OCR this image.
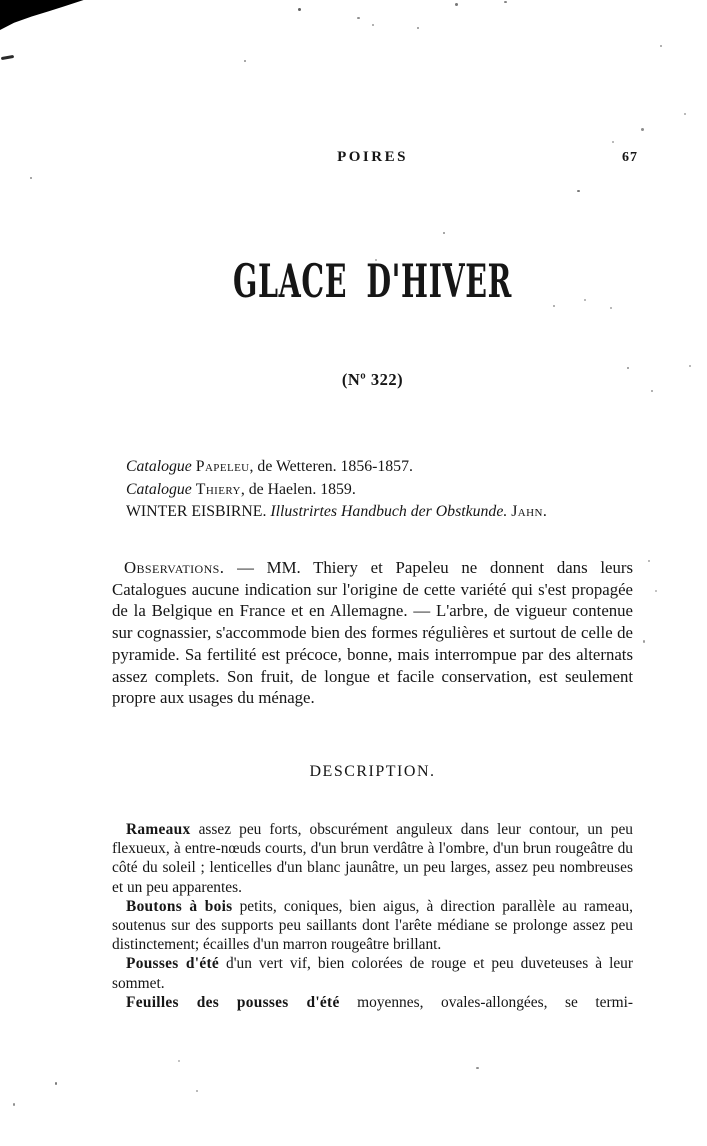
POIRES	67
GLACE D'HIVER
(Nº 322)
Catalogue Papeleu, de Wetteren. 1856-1857.
Catalogue Thiery, de Haelen. 1859.
WINTER EISBIRNE. Illustrirtes Handbuch der Obstkunde. Jahn.

Observations. — MM. Thiery et Papeleu ne donnent dans leurs Catalogues aucune indication sur l'origine de cette variété qui s'est propagée de la Belgique en France et en Allemagne. — L'arbre, de vigueur contenue sur cognassier, s'accommode bien des formes régulières et surtout de celle de pyramide. Sa fertilité est précoce, bonne, mais interrompue par des alternats assez complets. Son fruit, de longue et facile conservation, est seulement propre aux usages du ménage.

DESCRIPTION.

Rameaux assez peu forts, obscurément anguleux dans leur contour, un peu flexueux, à entre-nœuds courts, d'un brun verdâtre à l'ombre, d'un brun rougeâtre du côté du soleil ; lenticelles d'un blanc jaunâtre, un peu larges, assez peu nombreuses et un peu apparentes.

Boutons à bois petits, coniques, bien aigus, à direction parallèle au rameau, soutenus sur des supports peu saillants dont l'arête médiane se prolonge assez peu distinctement; écailles d'un marron rougeâtre brillant.

Pousses d'été d'un vert vif, bien colorées de rouge et peu duveteuses à leur sommet.

Feuilles des pousses d'été moyennes, ovales-allongées, se termi-
